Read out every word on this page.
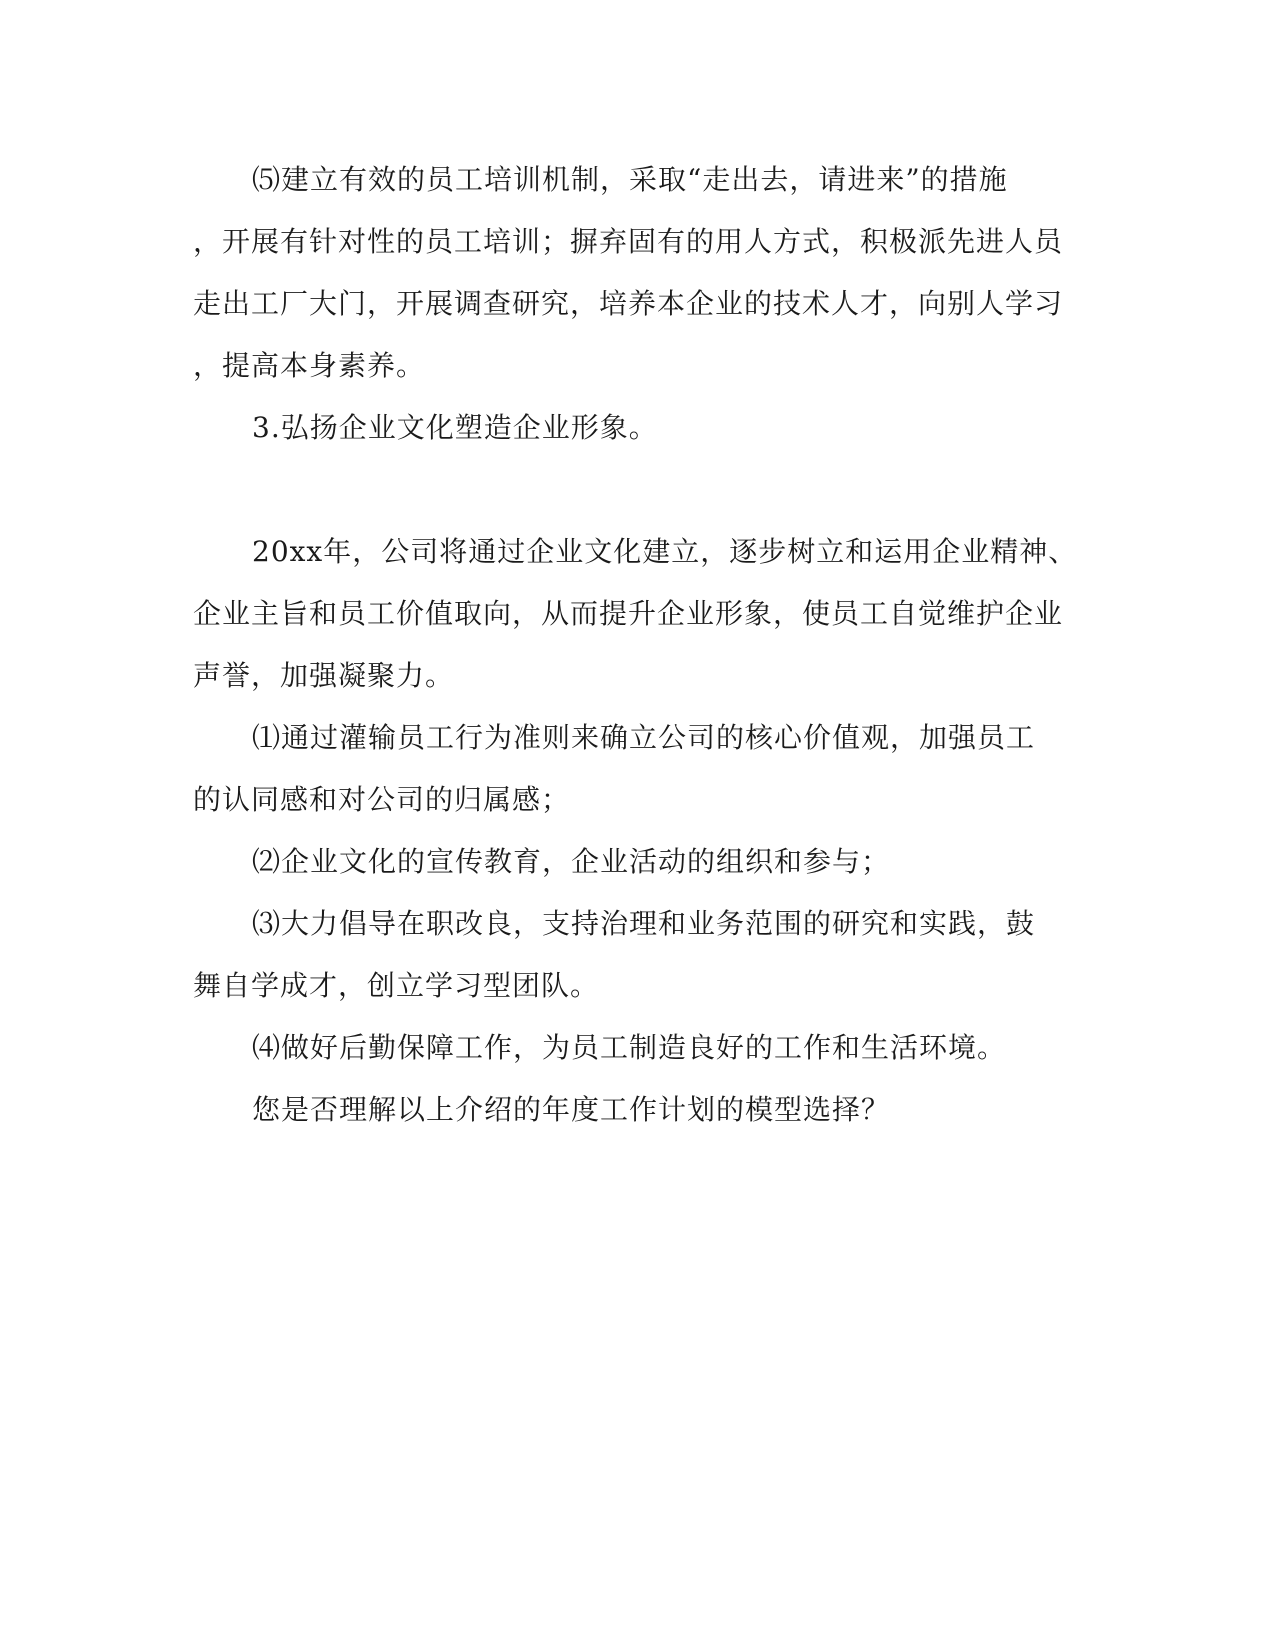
⑸建立有效的员工培训机制，采取“走出去，请进来”的措施
，开展有针对性的员工培训；摒弃固有的用人方式，积极派先进人员
走出工厂大门，开展调查研究，培养本企业的技术人才，向别人学习
，提高本身素养。
3.弘扬企业文化塑造企业形象。
20xx年，公司将通过企业文化建立，逐步树立和运用企业精神、
企业主旨和员工价值取向，从而提升企业形象，使员工自觉维护企业
声誉，加强凝聚力。
⑴通过灌输员工行为准则来确立公司的核心价值观，加强员工
的认同感和对公司的归属感；
⑵企业文化的宣传教育，企业活动的组织和参与；
⑶大力倡导在职改良，支持治理和业务范围的研究和实践，鼓
舞自学成才，创立学习型团队。
⑷做好后勤保障工作，为员工制造良好的工作和生活环境。
您是否理解以上介绍的年度工作计划的模型选择？
